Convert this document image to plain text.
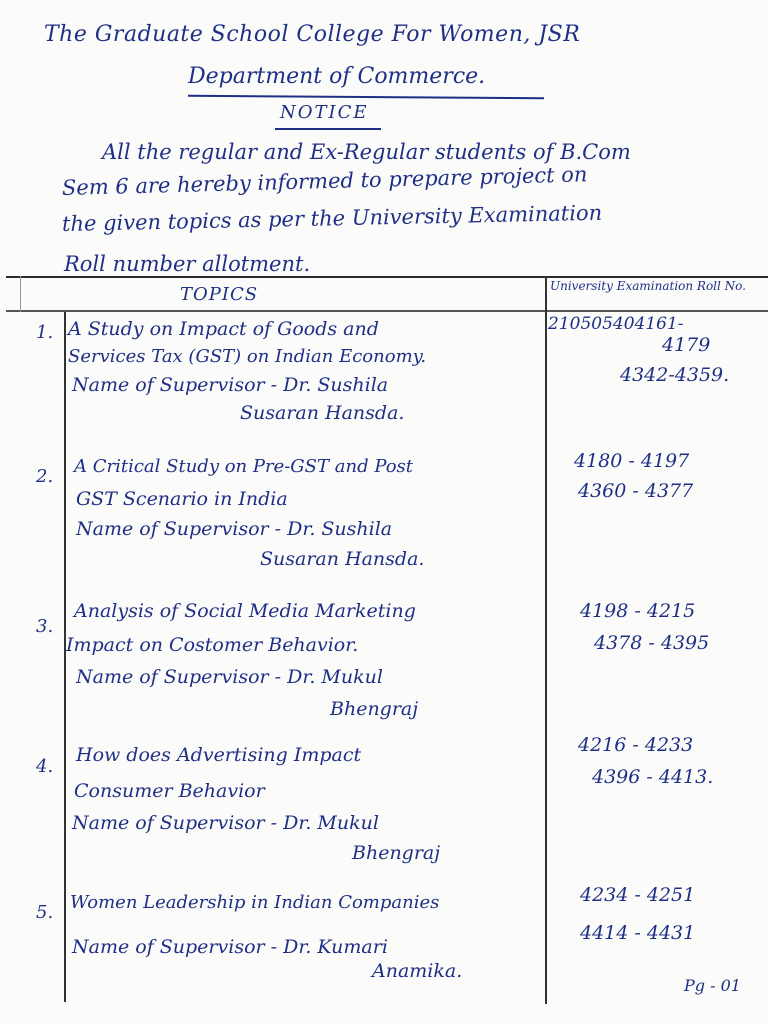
The Graduate School College For Women, JSR
Department of Commerce.
NOTICE
All the regular and Ex-Regular students of B.Com
Sem 6 are hereby informed to prepare project on
the given topics as per the University Examination
Roll number allotment.
TOPICS	University Examination Roll No.
1. A Study on Impact of Goods and
Services Tax (GST) on Indian Economy.
Name of Supervisor - Dr. Sushila
Susaran Hansda.
210505404161-
4179
4342-4359.
2. A Critical Study on Pre-GST and Post
GST Scenario in India
Name of Supervisor - Dr. Sushila
Susaran Hansda.
4180 - 4197
4360 - 4377
3.
Analysis of Social Media Marketing
Impact on Costomer Behavior.
Name of Supervisor - Dr. Mukul
Bhengraj
4198 - 4215
4378 - 4395
4.
How does Advertising Impact
Consumer Behavior
Name of Supervisor - Dr. Mukul
Bhengraj
4216 - 4233
4396 - 4413.
5. Women Leadership in Indian Companies
Name of Supervisor - Dr. Kumari
Anamika.
4234 - 4251
4414 - 4431
Pg - 01
